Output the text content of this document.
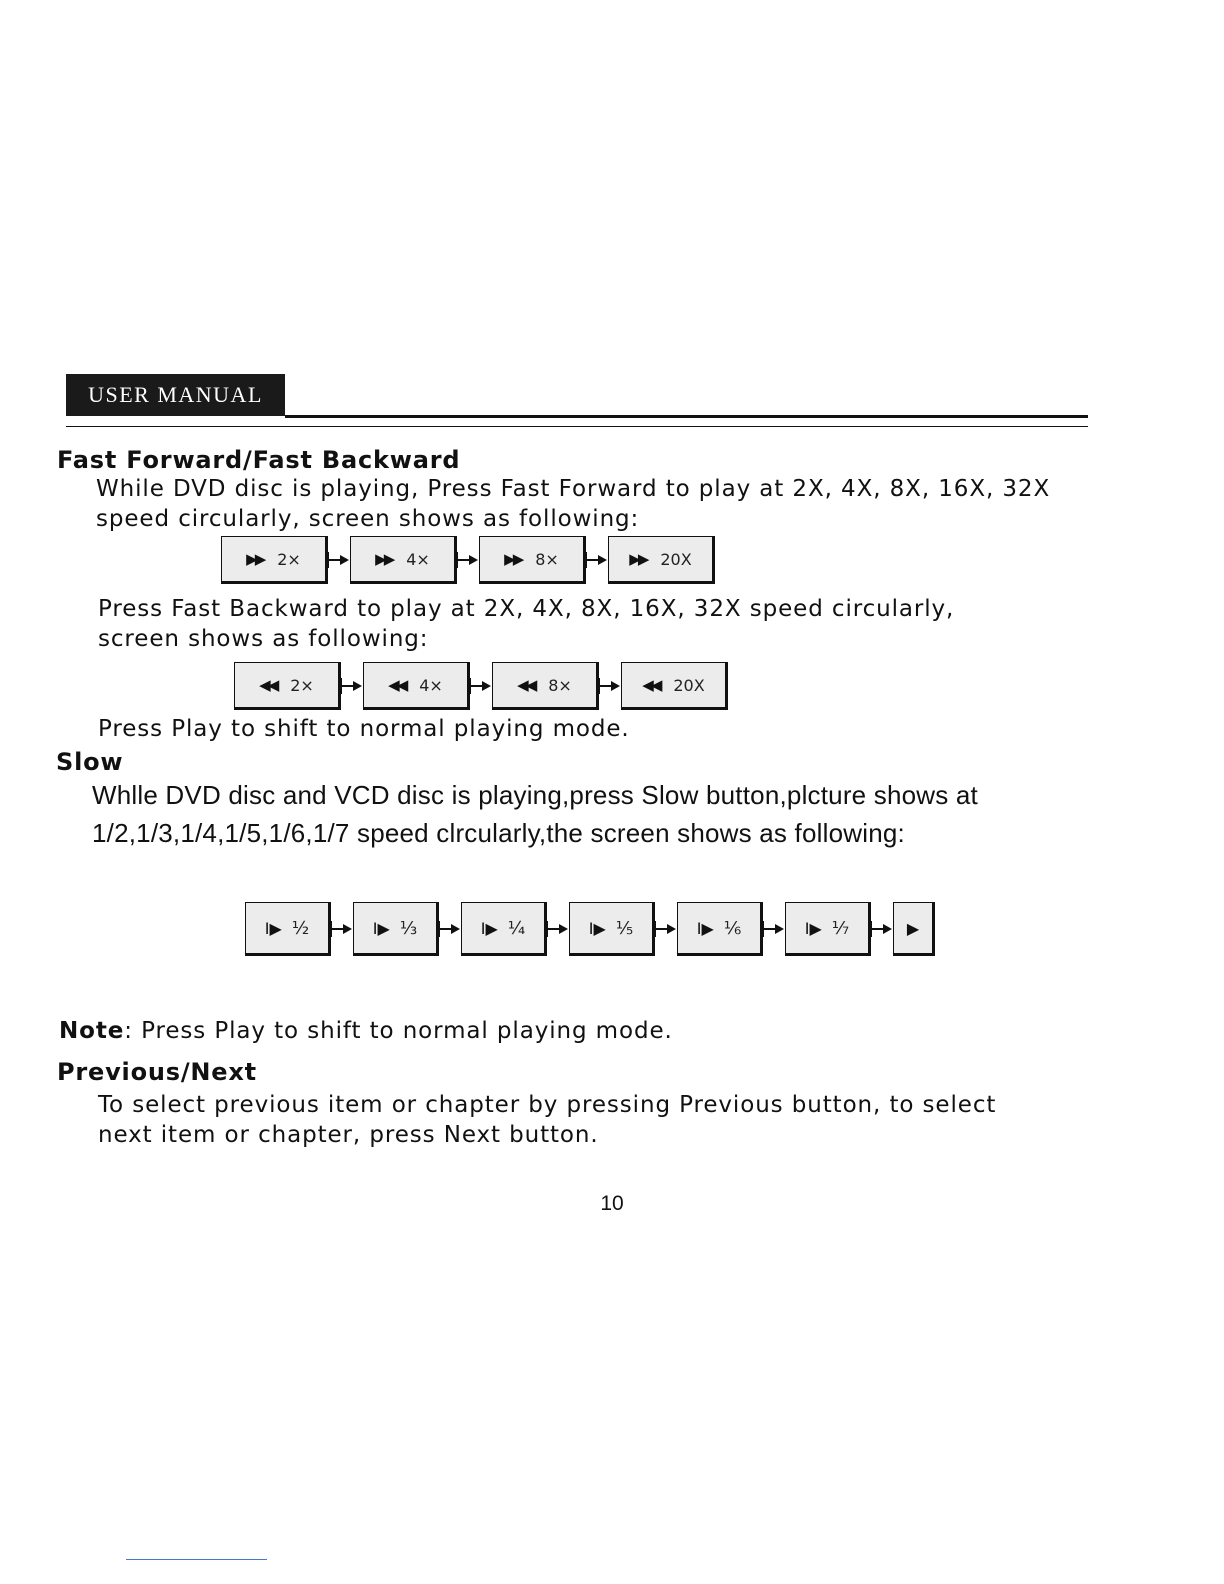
USER MANUAL
Fast Forward/Fast Backward

While DVD disc is playing, Press Fast Forward to play at 2X, 4X, 8X, 16X, 32X

speed circularly, screen shows as following:

▶▶ 2×	▶▶ 4×	▶▶ 8×	▶▶ 20X

Press Fast Backward to play at 2X, 4X, 8X, 16X, 32X speed circularly,

screen shows as following:

◀◀ 2×	◀◀ 4×	◀◀ 8×	◀◀ 20X

Press Play to shift to normal playing mode.

Slow

Whlle DVD disc and VCD disc is playing,press Slow button,plcture shows at

1/2,1/3,1/4,1/5,1/6,1/7 speed clrcularly,the screen shows as following:

I▶ ½	I▶ ⅓	I▶ ¼	I▶ ⅕	I▶ ⅙	I▶ ⅐	▶

Note: Press Play to shift to normal playing mode.

Previous/Next

To select previous item or chapter by pressing Previous button, to select

next item or chapter, press Next button.

10
